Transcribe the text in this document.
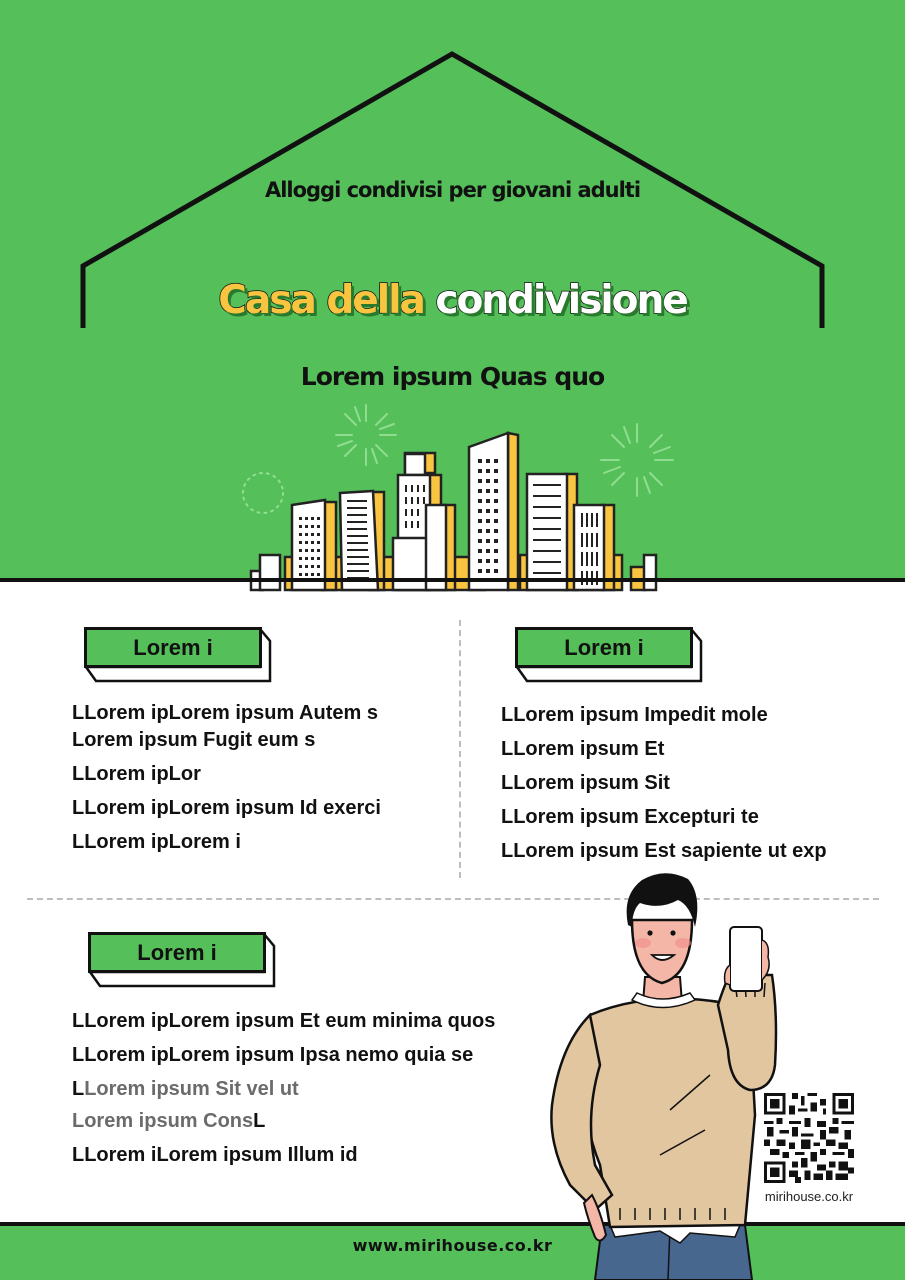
Alloggi condivisi per giovani adulti
Casa della condivisione
Lorem ipsum Quas quo
Lorem i
LLorem ipLorem ipsum Autem s
Lorem ipsum Fugit eum s
LLorem ipLor
LLorem ipLorem ipsum Id exerci
LLorem ipLorem i
Lorem i
LLorem ipsum Impedit mole
LLorem ipsum Et
LLorem ipsum Sit
LLorem ipsum Excepturi te
LLorem ipsum Est sapiente ut exp
Lorem i
LLorem ipLorem ipsum Et eum minima quos
LLorem ipLorem ipsum Ipsa nemo quia se
LLorem ipsum Sit vel ut
Lorem ipsum ConsL
LLorem iLorem ipsum Illum id
www.mirihouse.co.kr
mirihouse.co.kr
